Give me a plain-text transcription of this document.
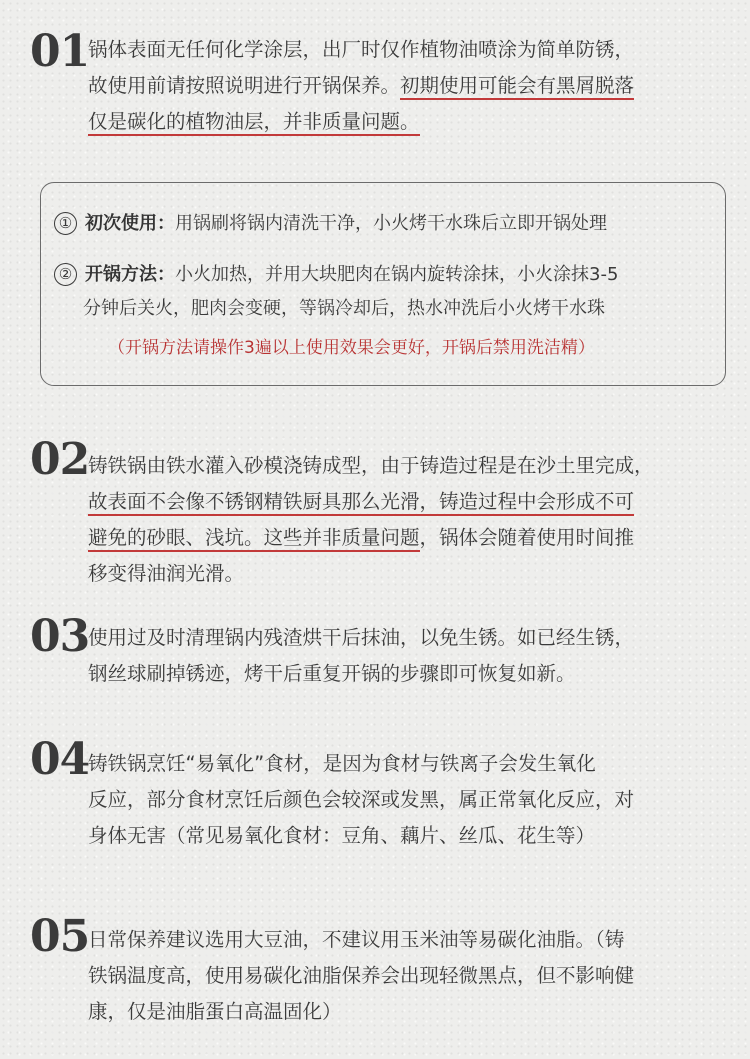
01
锅体表面无任何化学涂层，出厂时仅作植物油喷涂为简单防锈，
故使用前请按照说明进行开锅保养。初期使用可能会有黑屑脱落
仅是碳化的植物油层，并非质量问题。
① 初次使用：用锅刷将锅内清洗干净，小火烤干水珠后立即开锅处理
② 开锅方法：小火加热，并用大块肥肉在锅内旋转涂抹，小火涂抹3-5
分钟后关火，肥肉会变硬，等锅冷却后，热水冲洗后小火烤干水珠
（开锅方法请操作3遍以上使用效果会更好，开锅后禁用洗洁精）
02
铸铁锅由铁水灌入砂模浇铸成型，由于铸造过程是在沙土里完成，
故表面不会像不锈钢精铁厨具那么光滑，铸造过程中会形成不可
避免的砂眼、浅坑。这些并非质量问题，锅体会随着使用时间推
移变得油润光滑。
03
使用过及时清理锅内残渣烘干后抹油，以免生锈。如已经生锈，
钢丝球刷掉锈迹，烤干后重复开锅的步骤即可恢复如新。
04
铸铁锅烹饪“易氧化”食材，是因为食材与铁离子会发生氧化
反应，部分食材烹饪后颜色会较深或发黑，属正常氧化反应，对
身体无害（常见易氧化食材：豆角、藕片、丝瓜、花生等）
05
日常保养建议选用大豆油，不建议用玉米油等易碳化油脂。（铸
铁锅温度高，使用易碳化油脂保养会出现轻微黑点，但不影响健
康，仅是油脂蛋白高温固化）
